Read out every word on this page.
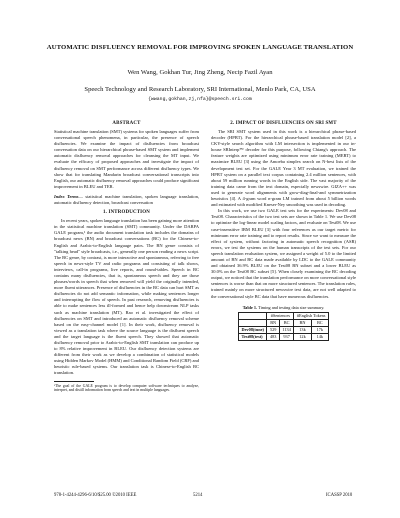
AUTOMATIC DISFLUENCY REMOVAL FOR IMPROVING SPOKEN LANGUAGE TRANSLATION
Wen Wang, Gokhan Tur, Jing Zheng, Necip Fazil Ayan
Speech Technology and Research Laboratory, SRI International, Menlo Park, CA, USA
{wwang,gokhan,zj,nfa}@speech.sri.com
ABSTRACT

Statistical machine translation (SMT) systems for spoken languages suffer from conversational speech phenomena, in particular, the presence of speech disfluencies. We examine the impact of disfluencies from broadcast conversation data on our hierarchical phrase-based SMT system and implement automatic disfluency removal approaches for cleansing the MT input. We evaluate the efficacy of proposed approaches and investigate the impact of disfluency removal on SMT performance across different disfluency types. We show that for translating Mandarin broadcast conversational transcripts into English, our automatic disfluency removal approaches could produce significant improvement in BLEU and TER.

Index Terms— statistical machine translation, spoken language translation, automatic disfluency detection, broadcast conversation

1. INTRODUCTION

In recent years, spoken language translation has been gaining more attention in the statistical machine translation (SMT) community. Under the DARPA GALE program,¹ the audio document translation task includes the domains of broadcast news (BN) and broadcast conversations (BC) for the Chinese-to-English and Arabic-to-English language pairs. The BN genre consists of "talking head" style broadcasts, i.e., generally one person reading a news script. The BC genre, by contrast, is more interactive and spontaneous, referring to free speech in news-style TV and radio programs and consisting of talk shows, interviews, call-in programs, live reports, and round-tables. Speech in BC contains many disfluencies, that is, spontaneous speech and they are those phrases/words in speech that when removed will yield the originally intended, more fluent utterances. Presence of disfluencies in the BC data can hurt SMT as disfluencies do not add semantic information, while making sentences longer and interrupting the flow of speech. In past research, removing disfluencies is able to make sentences less ill-formed and hence help downstream NLP tasks such as machine translation (MT). Rao et al. investigated the effect of disfluencies on SMT and introduced an automatic disfluency removal scheme based on the easy-channel model [1]. In their work, disfluency removal is viewed as a translation task where the source language is the disfluent speech and the target language is the fluent speech. They showed that automatic disfluency removal prior to Arabic-to-English SMT translation can produce up to 8% relative improvement in BLEU. Our disfluency detection systems are different from their work as we develop a combination of statistical models using Hidden Markov Model (HMM) and Conditional Random Field (CRF) and heuristic rule-based systems. Our translation task is Chinese-to-English BC translation.

¹The goal of the GALE program is to develop computer software techniques to analyze, interpret, and distill information from speech and text in multiple languages.

2. IMPACT OF DISFLUENCIES ON SRI SMT

The SRI SMT system used in this work is a hierarchical phrase-based decoder (HPBT). For the hierarchical phrase-based translation model [2], a CKY-style search algorithm with LM intersection is implemented in our in-house SRInterp™ decoder for this purpose, following Chiang's approach. The feature weights are optimized using minimum error rate training (MERT) to maximize BLEU [3] using the Amoeba simplex search on N-best lists of the development test set. For the GALE Year 3 MT evaluation, we trained the HPBT system on a parallel text corpus containing 2.4 million sentences, with about 59 million running words in the English side. The vast majority of the training data came from the text domain, especially newswire. GIZA++ was used to generate word alignments with grow-diag-final-and symmetrization heuristics [4]. A 4-gram word n-gram LM trained from about 5 billion words and estimated with modified Kneser-Ney smoothing was used in decoding.

In this work, we use two GALE test sets for the experiments: Dev08 and Test08. Characteristics of the two test sets are shown in Table 1. We use Dev08 to optimize the log-linear model scaling factors, and evaluate on Test08. We use case-insensitive IBM BLEU [3] with four references as our target metric for minimum error rate training and to report results. Since we want to measure the effect of system, without factoring in automatic speech recognition (ASR) errors, we test the systems on the human transcripts of the test sets. For our speech translation evaluation system, we assigned a weight of 5.0 to the limited amount of BN and BC data made available by LDC to the GALE community and obtained 36.9% BLEU on the Test08 BN subset and a lower BLEU as 30.0% on the Test08 BC subset [5]. When closely examining the BC decoding output, we noticed that the translation performance on more conversational style sentences is worse than that on more structured sentences. The translation rules, trained mainly on more structured newswire text data, are not well adapted to the conversational style BC data that have numerous disfluencies.

Table 1. Timing and testing data size summary.
	#Sentences		#English Tokens	
	BN	BC	BN	BC
Dev08(tune)	529	1134	13k	17k
Test08(test)	483	937	12k	14k
978-1-4244-4296-6/10/$25.00 ©2010 IEEE	5214	ICASSP 2010
